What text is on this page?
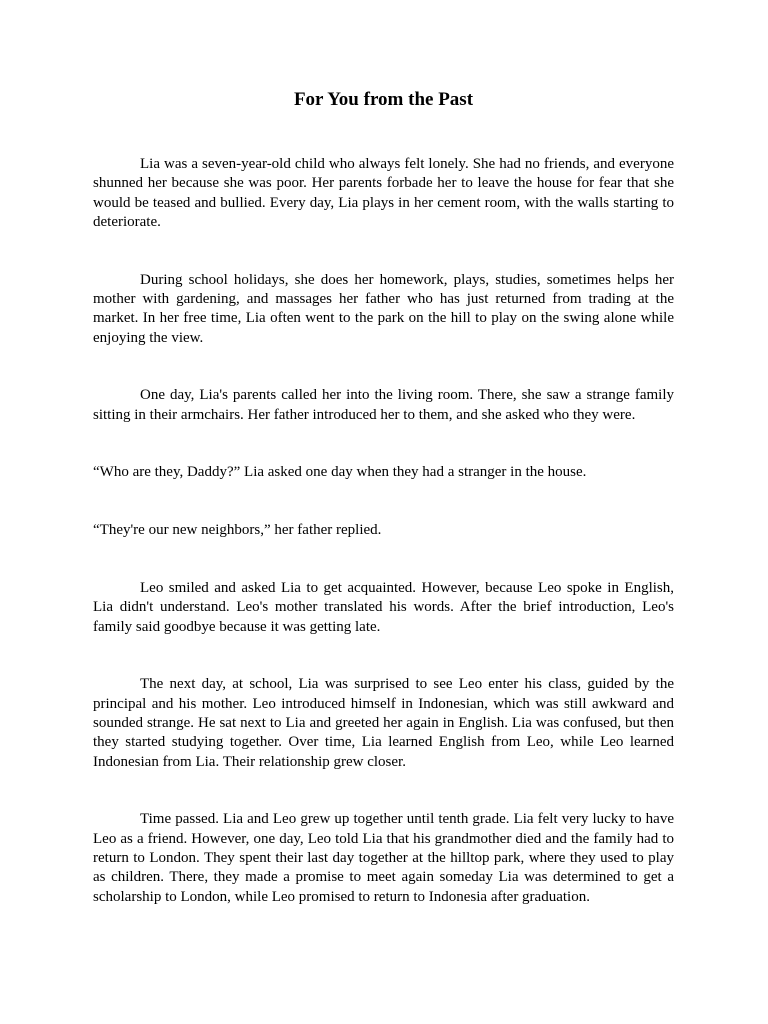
For You from the Past

Lia was a seven-year-old child who always felt lonely. She had no friends, and everyone shunned her because she was poor. Her parents forbade her to leave the house for fear that she would be teased and bullied. Every day, Lia plays in her cement room, with the walls starting to deteriorate.

During school holidays, she does her homework, plays, studies, sometimes helps her mother with gardening, and massages her father who has just returned from trading at the market. In her free time, Lia often went to the park on the hill to play on the swing alone while enjoying the view.

One day, Lia's parents called her into the living room. There, she saw a strange family sitting in their armchairs. Her father introduced her to them, and she asked who they were.

“Who are they, Daddy?” Lia asked one day when they had a stranger in the house.

“They're our new neighbors,” her father replied.

Leo smiled and asked Lia to get acquainted. However, because Leo spoke in English, Lia didn't understand. Leo's mother translated his words. After the brief introduction, Leo's family said goodbye because it was getting late.

The next day, at school, Lia was surprised to see Leo enter his class, guided by the principal and his mother. Leo introduced himself in Indonesian, which was still awkward and sounded strange. He sat next to Lia and greeted her again in English. Lia was confused, but then they started studying together. Over time, Lia learned English from Leo, while Leo learned Indonesian from Lia. Their relationship grew closer.

Time passed. Lia and Leo grew up together until tenth grade. Lia felt very lucky to have Leo as a friend. However, one day, Leo told Lia that his grandmother died and the family had to return to London. They spent their last day together at the hilltop park, where they used to play as children. There, they made a promise to meet again someday Lia was determined to get a scholarship to London, while Leo promised to return to Indonesia after graduation.
